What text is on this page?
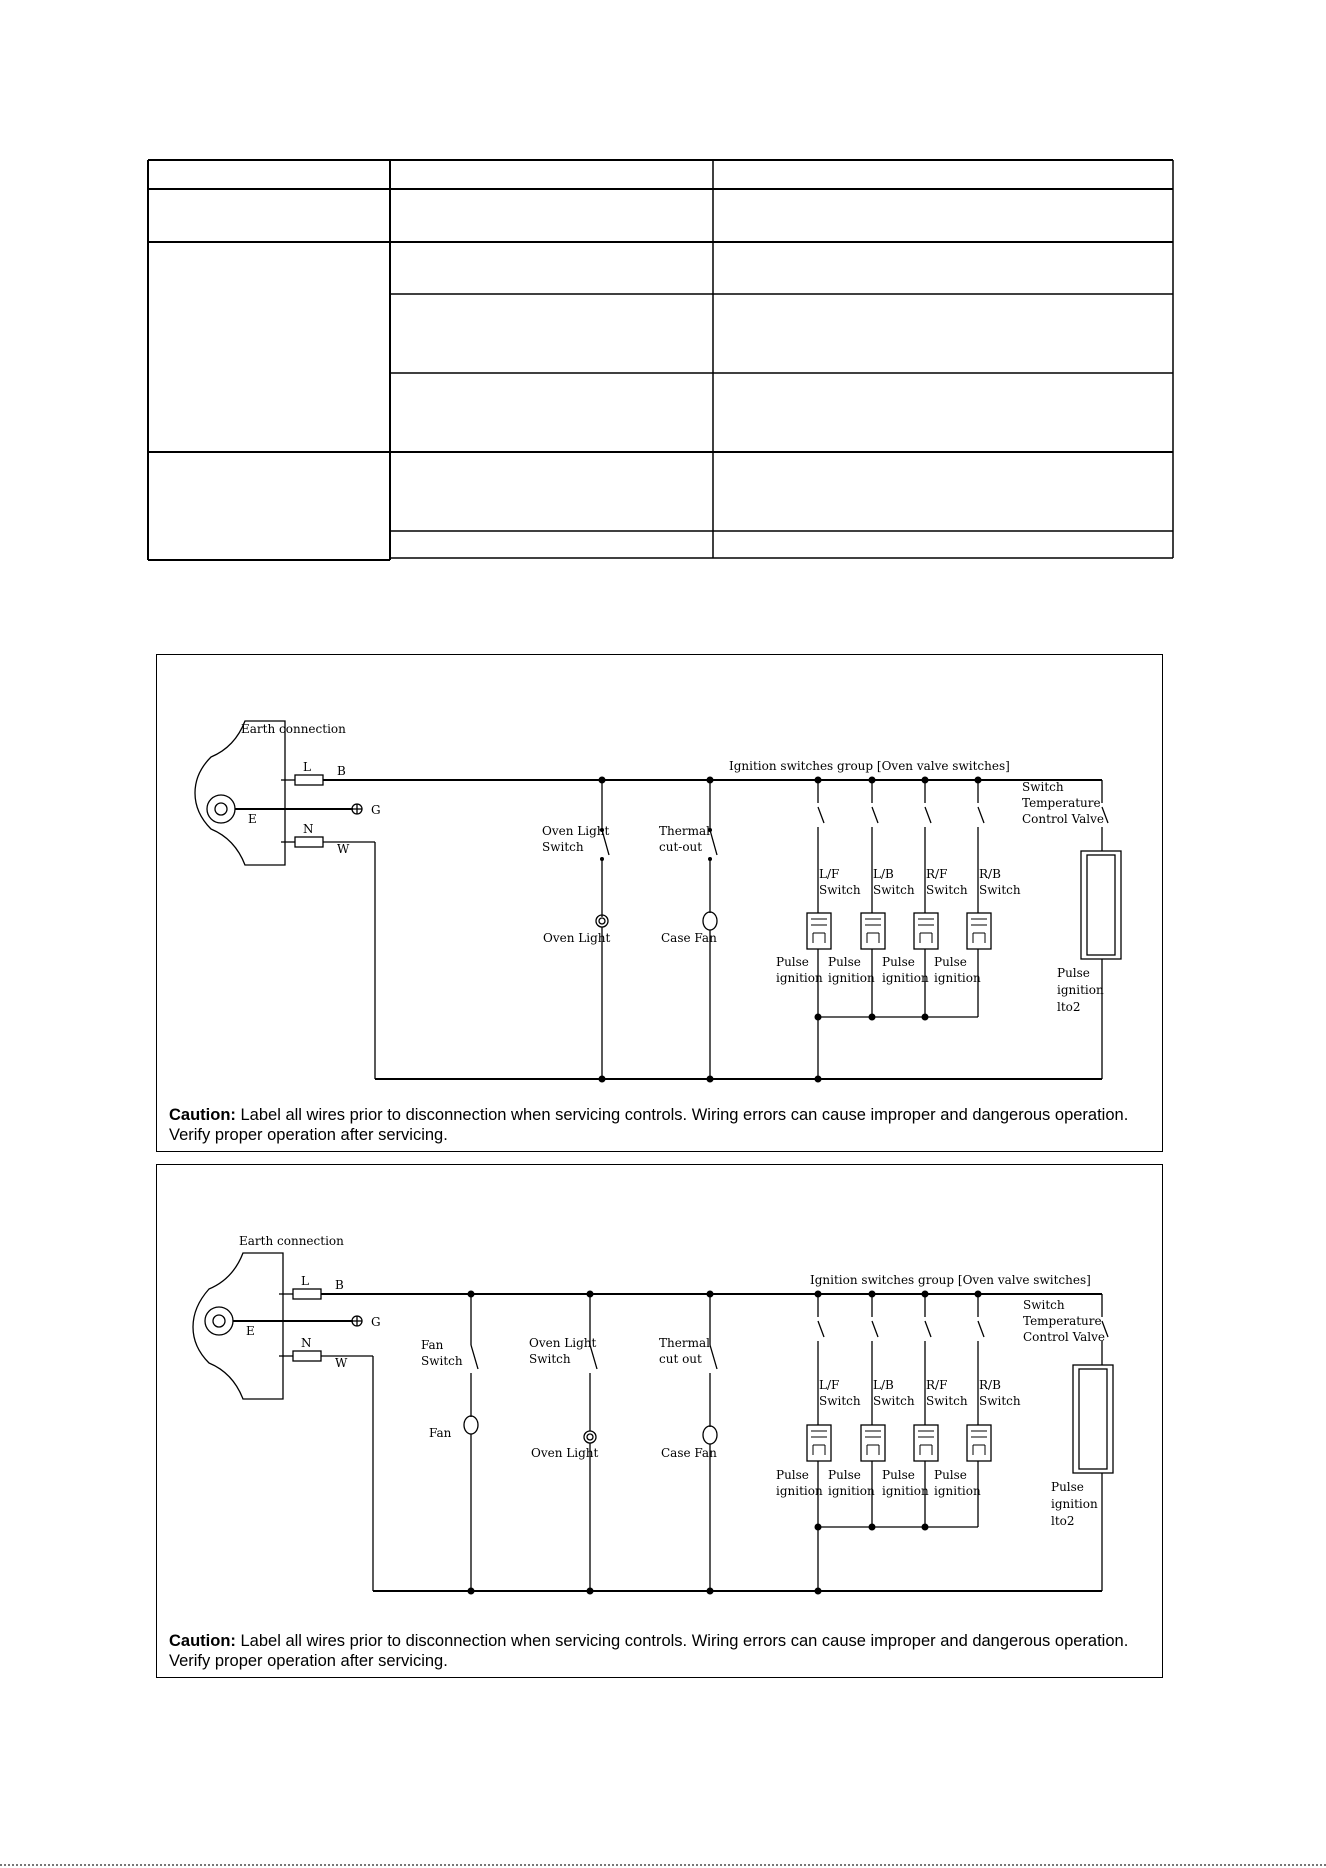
Earth connection
L
N
E
B
G
W
Ignition switches group [Oven valve switches]
Oven Light Switch
Thermal cut-out
Oven Light	Case Fan
L/F Switch
L/B Switch
R/F Switch
R/B Switch
Pulse ignition
Pulse ignition
Pulse ignition
Pulse ignition
Switch Temperature Control Valve
Pulse ignition lto2
Caution: Label all wires prior to disconnection when servicing controls. Wiring errors can cause improper and dangerous operation. Verify proper operation after servicing.
Earth connection
L
N
E
B
G
W
Ignition switches group [Oven valve switches]
Fan Switch
Oven Light Switch
Thermal cut out
Fan
Oven Light	Case Fan
L/F Switch
L/B Switch
R/F Switch
R/B Switch
Pulse ignition
Pulse ignition
Pulse ignition
Pulse ignition
Switch Temperature Control Valve
Pulse ignition lto2
Caution: Label all wires prior to disconnection when servicing controls. Wiring errors can cause improper and dangerous operation. Verify proper operation after servicing.
